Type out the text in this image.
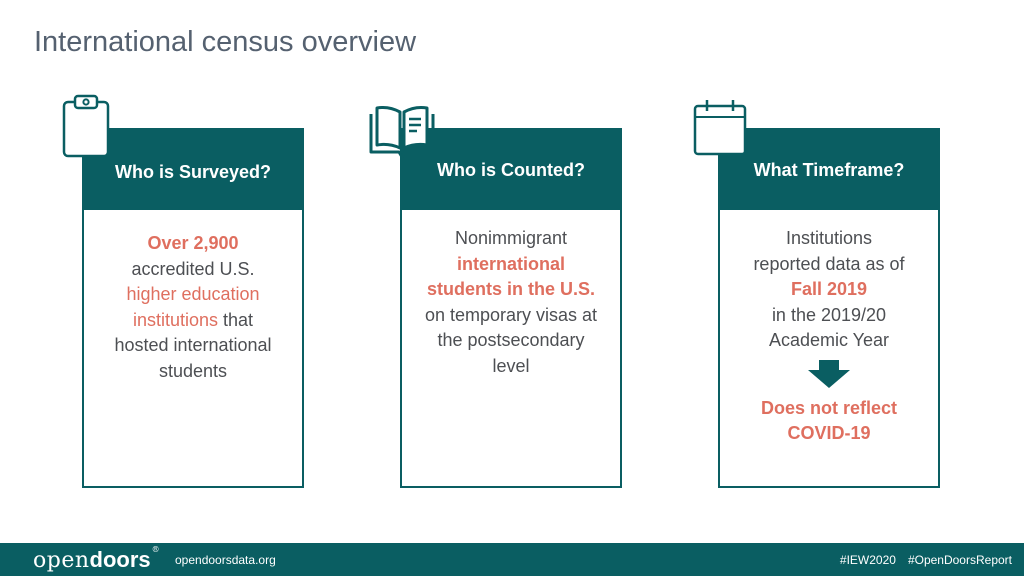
International census overview
Who is Surveyed?
Over 2,900
accredited U.S.
higher education
institutions that
hosted international
students
Who is Counted?
Nonimmigrant
international
students in the U.S.
on temporary visas at
the postsecondary
level
What Timeframe?
Institutions
reported data as of
Fall 2019
in the 2019/20
Academic Year
Does not reflect
COVID-19
opendoors®
opendoorsdata.org	#IEW2020 #OpenDoorsReport
